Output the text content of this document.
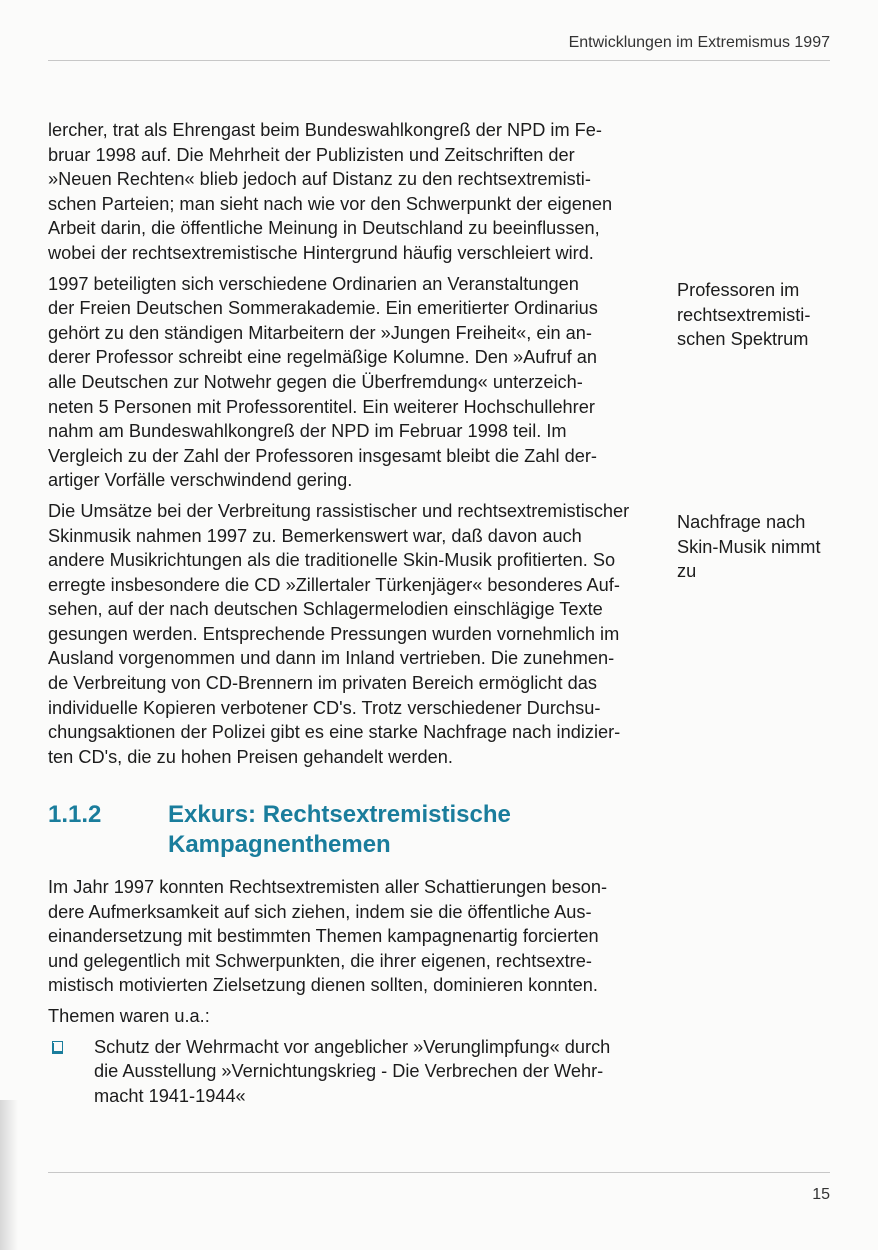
Entwicklungen im Extremismus 1997
lercher, trat als Ehrengast beim Bundeswahlkongreß der NPD im Fe-
bruar 1998 auf. Die Mehrheit der Publizisten und Zeitschriften der
»Neuen Rechten« blieb jedoch auf Distanz zu den rechtsextremisti-
schen Parteien; man sieht nach wie vor den Schwerpunkt der eigenen
Arbeit darin, die öffentliche Meinung in Deutschland zu beeinflussen,
wobei der rechtsextremistische Hintergrund häufig verschleiert wird.
1997 beteiligten sich verschiedene Ordinarien an Veranstaltungen
der Freien Deutschen Sommerakademie. Ein emeritierter Ordinarius
gehört zu den ständigen Mitarbeitern der »Jungen Freiheit«, ein an-
derer Professor schreibt eine regelmäßige Kolumne. Den »Aufruf an
alle Deutschen zur Notwehr gegen die Überfremdung« unterzeich-
neten 5 Personen mit Professorentitel. Ein weiterer Hochschullehrer
nahm am Bundeswahlkongreß der NPD im Februar 1998 teil. Im
Vergleich zu der Zahl der Professoren insgesamt bleibt die Zahl der-
artiger Vorfälle verschwindend gering.
Die Umsätze bei der Verbreitung rassistischer und rechtsextremistischer
Skinmusik nahmen 1997 zu. Bemerkenswert war, daß davon auch
andere Musikrichtungen als die traditionelle Skin-Musik profitierten. So
erregte insbesondere die CD »Zillertaler Türkenjäger« besonderes Auf-
sehen, auf der nach deutschen Schlagermelodien einschlägige Texte
gesungen werden. Entsprechende Pressungen wurden vornehmlich im
Ausland vorgenommen und dann im Inland vertrieben. Die zunehmen-
de Verbreitung von CD-Brennern im privaten Bereich ermöglicht das
individuelle Kopieren verbotener CD's. Trotz verschiedener Durchsu-
chungsaktionen der Polizei gibt es eine starke Nachfrage nach indizier-
ten CD's, die zu hohen Preisen gehandelt werden.
Professoren im
rechtsextremisti-
schen Spektrum
Nachfrage nach
Skin-Musik nimmt
zu
1.1.2	Exkurs: Rechtsextremistische
Kampagnenthemen
Im Jahr 1997 konnten Rechtsextremisten aller Schattierungen beson-
dere Aufmerksamkeit auf sich ziehen, indem sie die öffentliche Aus-
einandersetzung mit bestimmten Themen kampagnenartig forcierten
und gelegentlich mit Schwerpunkten, die ihrer eigenen, rechtsextre-
mistisch motivierten Zielsetzung dienen sollten, dominieren konnten.
Themen waren u.a.:
Schutz der Wehrmacht vor angeblicher »Verunglimpfung« durch
die Ausstellung »Vernichtungskrieg - Die Verbrechen der Wehr-
macht 1941-1944«
15
